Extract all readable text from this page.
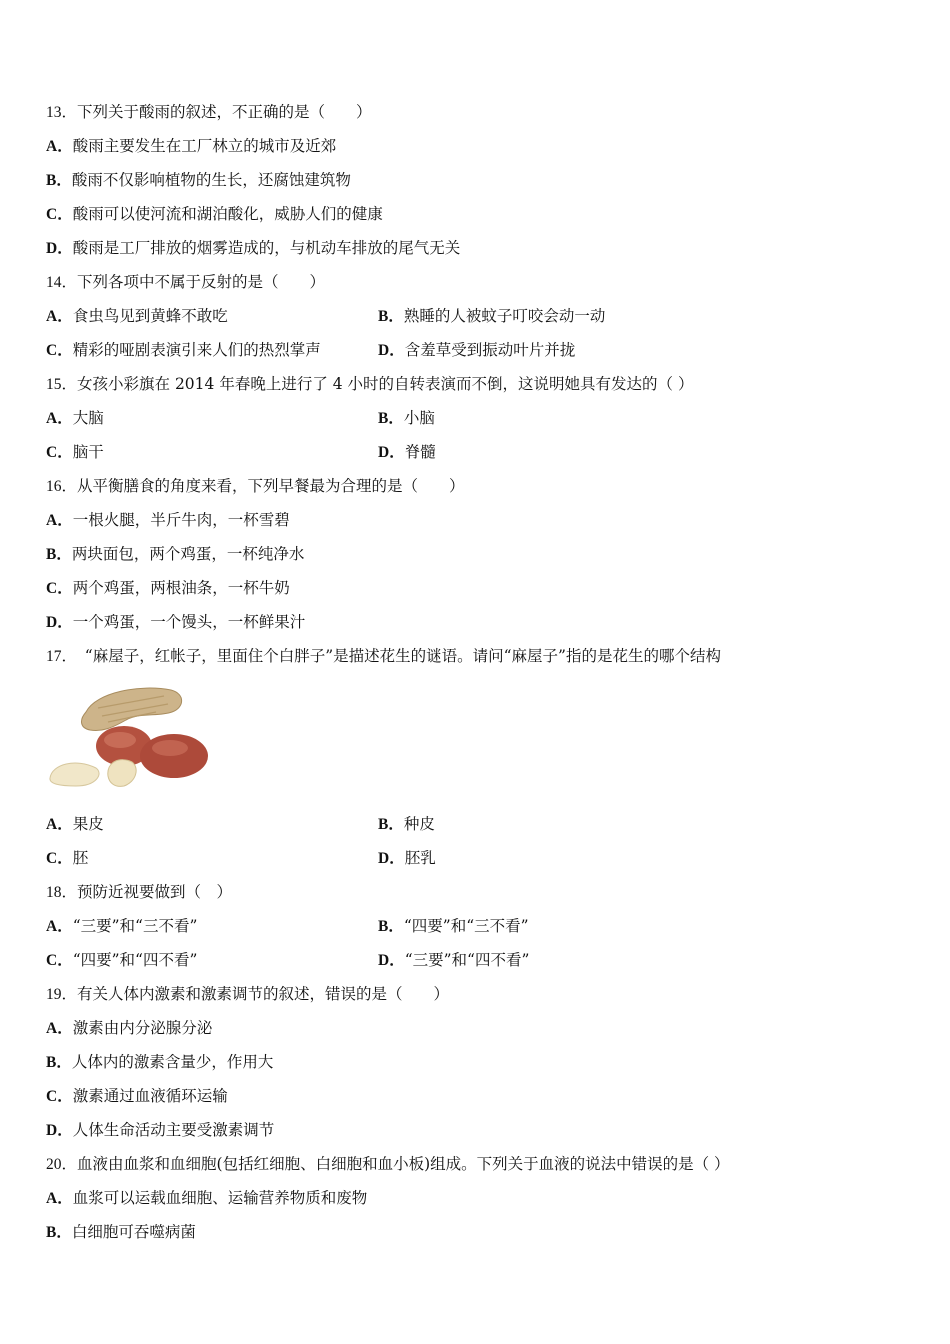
13．下列关于酸雨的叙述，不正确的是（　　）
A．酸雨主要发生在工厂林立的城市及近郊
B．酸雨不仅影响植物的生长，还腐蚀建筑物
C．酸雨可以使河流和湖泊酸化，威胁人们的健康
D．酸雨是工厂排放的烟雾造成的，与机动车排放的尾气无关
14．下列各项中不属于反射的是（　　）
A．食虫鸟见到黄蜂不敢吃	B．熟睡的人被蚊子叮咬会动一动
C．精彩的哑剧表演引来人们的热烈掌声	D．含羞草受到振动叶片并拢
15．女孩小彩旗在 2014 年春晚上进行了 4 小时的自转表演而不倒，这说明她具有发达的（ ）
A．大脑	B．小脑
C．脑干	D．脊髓
16．从平衡膳食的角度来看，下列早餐最为合理的是（　　）
A．一根火腿，半斤牛肉，一杯雪碧
B．两块面包，两个鸡蛋，一杯纯净水
C．两个鸡蛋，两根油条，一杯牛奶
D．一个鸡蛋，一个馒头，一杯鲜果汁
17．　“麻屋子，红帐子，里面住个白胖子”是描述花生的谜语。请问“麻屋子”指的是花生的哪个结构
A．果皮	B．种皮
C．胚	D．胚乳
18．预防近视要做到（　）
A．“三要”和“三不看”	B．“四要”和“三不看”
C．“四要”和“四不看”	D．“三要”和“四不看”
19．有关人体内激素和激素调节的叙述，错误的是（　　）
A．激素由内分泌腺分泌
B．人体内的激素含量少，作用大
C．激素通过血液循环运输
D．人体生命活动主要受激素调节
20．血液由血浆和血细胞(包括红细胞、白细胞和血小板)组成。下列关于血液的说法中错误的是（ ）
A．血浆可以运载血细胞、运输营养物质和废物
B．白细胞可吞噬病菌
